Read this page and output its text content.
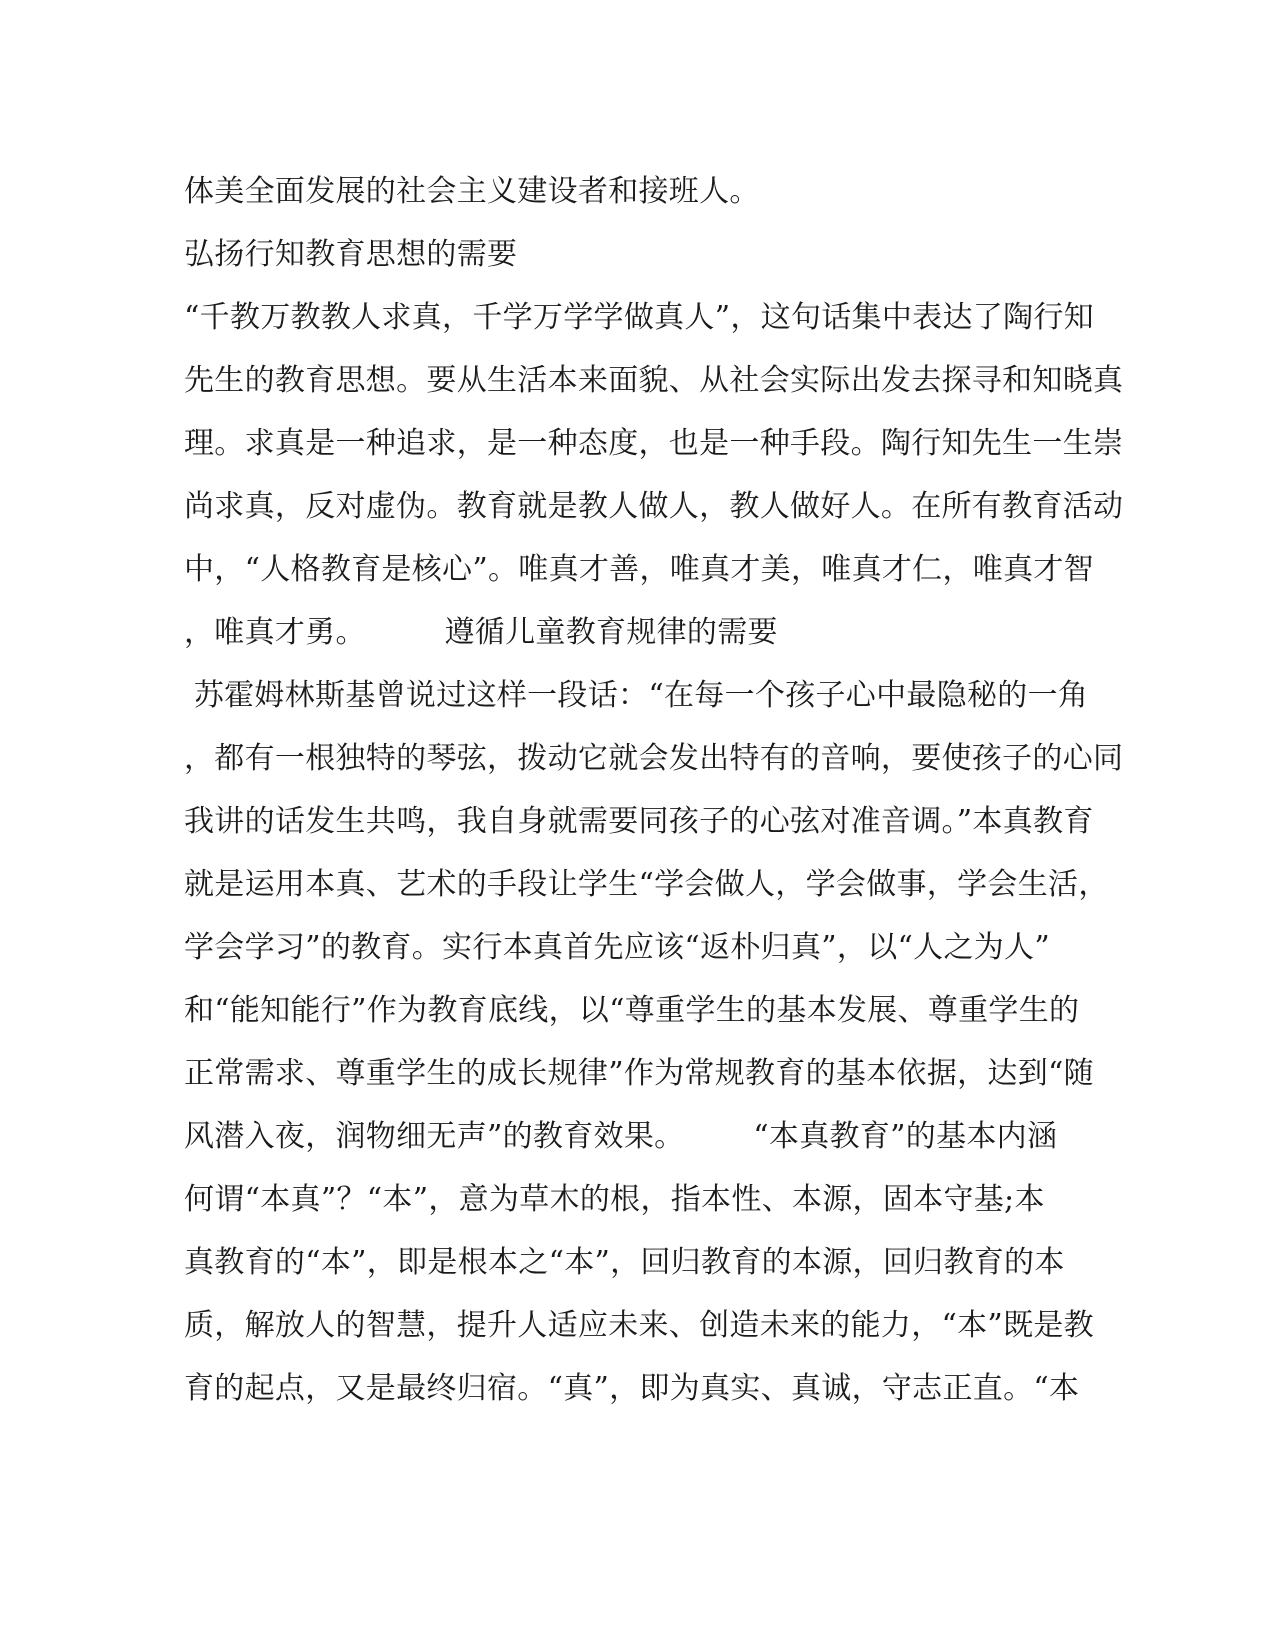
体美全面发展的社会主义建设者和接班人。
弘扬行知教育思想的需要
“千教万教教人求真，千学万学学做真人”，这句话集中表达了陶行知
先生的教育思想。要从生活本来面貌、从社会实际出发去探寻和知晓真
理。求真是一种追求，是一种态度，也是一种手段。陶行知先生一生崇
尚求真，反对虚伪。教育就是教人做人，教人做好人。在所有教育活动
中，“人格教育是核心”。唯真才善，唯真才美，唯真才仁，唯真才智
，唯真才勇。        遵循儿童教育规律的需要
苏霍姆林斯基曾说过这样一段话：“在每一个孩子心中最隐秘的一角
，都有一根独特的琴弦，拨动它就会发出特有的音响，要使孩子的心同
我讲的话发生共鸣，我自身就需要同孩子的心弦对准音调。”本真教育
就是运用本真、艺术的手段让学生“学会做人，学会做事，学会生活，
学会学习”的教育。实行本真首先应该“返朴归真”，以“人之为人”
和“能知能行”作为教育底线，以“尊重学生的基本发展、尊重学生的
正常需求、尊重学生的成长规律”作为常规教育的基本依据，达到“随
风潜入夜，润物细无声”的教育效果。       “本真教育”的基本内涵
何谓“本真”？“本”，意为草木的根，指本性、本源，固本守基;本
真教育的“本”，即是根本之“本”，回归教育的本源，回归教育的本
质，解放人的智慧，提升人适应未来、创造未来的能力，“本”既是教
育的起点，又是最终归宿。“真”，即为真实、真诚，守志正直。“本
